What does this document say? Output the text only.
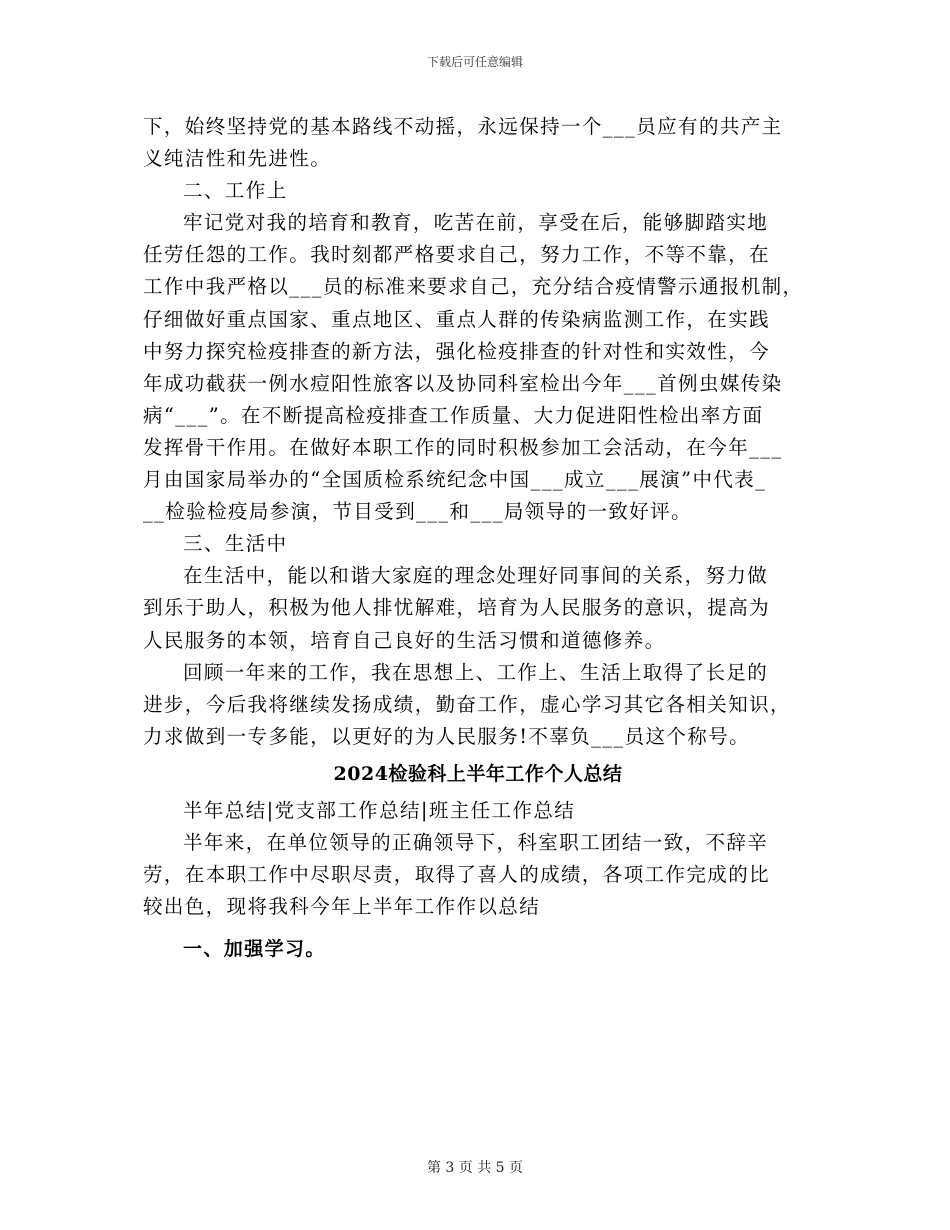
下载后可任意编辑
下，始终坚持党的基本路线不动摇，永远保持一个___员应有的共产主
义纯洁性和先进性。
二、工作上
牢记党对我的培育和教育，吃苦在前，享受在后，能够脚踏实地
任劳任怨的工作。我时刻都严格要求自己，努力工作，不等不靠，在
工作中我严格以___员的标准来要求自己，充分结合疫情警示通报机制，
仔细做好重点国家、重点地区、重点人群的传染病监测工作，在实践
中努力探究检疫排查的新方法，强化检疫排查的针对性和实效性，今
年成功截获一例水痘阳性旅客以及协同科室检出今年___首例虫媒传染
病“___”。在不断提高检疫排查工作质量、大力促进阳性检出率方面
发挥骨干作用。在做好本职工作的同时积极参加工会活动，在今年___
月由国家局举办的“全国质检系统纪念中国___成立___展演”中代表_
__检验检疫局参演，节目受到___和___局领导的一致好评。
三、生活中
在生活中，能以和谐大家庭的理念处理好同事间的关系，努力做
到乐于助人，积极为他人排忧解难，培育为人民服务的意识，提高为
人民服务的本领，培育自己良好的生活习惯和道德修养。
回顾一年来的工作，我在思想上、工作上、生活上取得了长足的
进步，今后我将继续发扬成绩，勤奋工作，虚心学习其它各相关知识，
力求做到一专多能，以更好的为人民服务!不辜负___员这个称号。
2024检验科上半年工作个人总结
半年总结|党支部工作总结|班主任工作总结
半年来，在单位领导的正确领导下，科室职工团结一致，不辞辛
劳，在本职工作中尽职尽责，取得了喜人的成绩，各项工作完成的比
较出色，现将我科今年上半年工作作以总结
一、加强学习。
第 3 页 共 5 页
